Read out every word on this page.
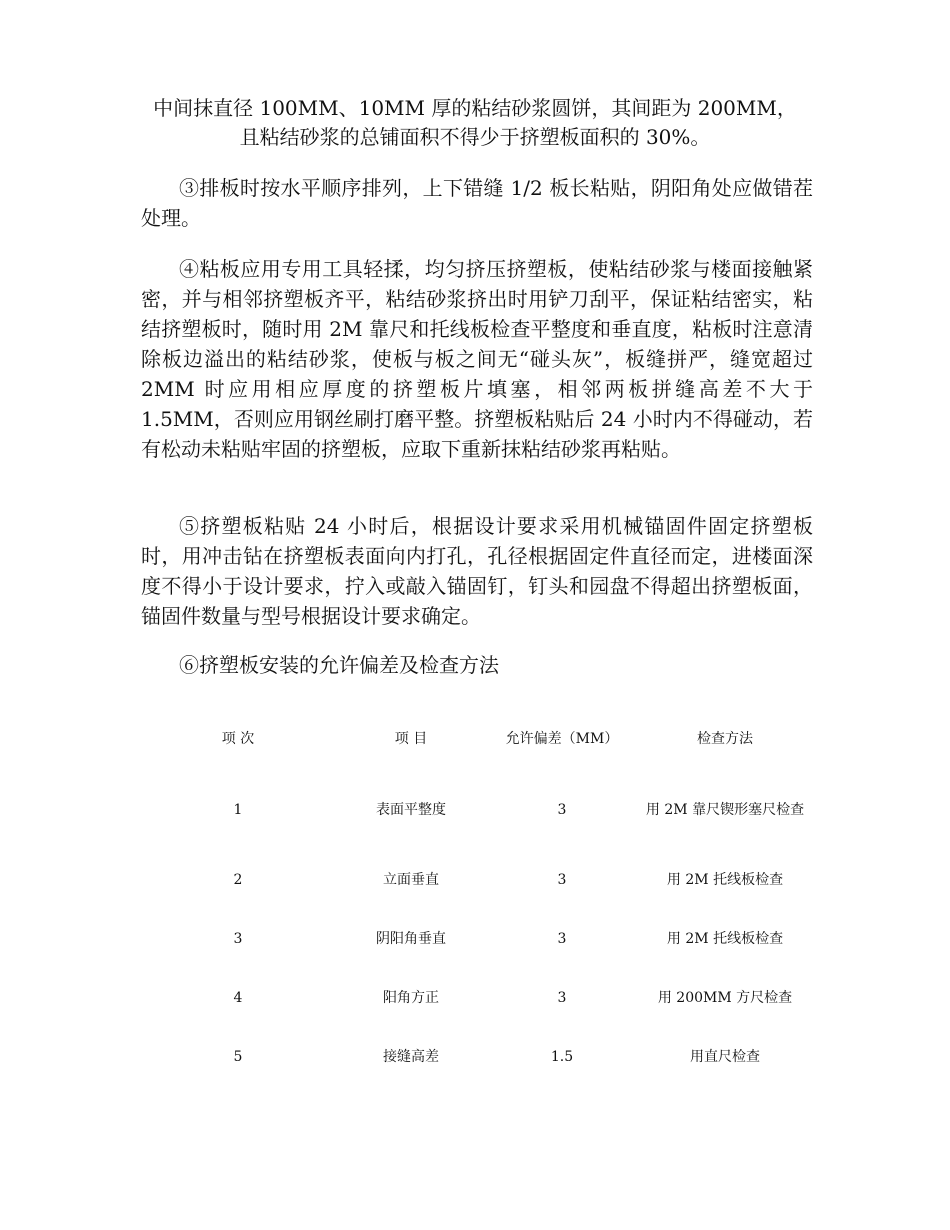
中间抹直径 100MM、10MM 厚的粘结砂浆圆饼，其间距为 200MM，
且粘结砂浆的总铺面积不得少于挤塑板面积的 30%。

③排板时按水平顺序排列，上下错缝 1/2 板长粘贴，阴阳角处应做错茬处理。

④粘板应用专用工具轻揉，均匀挤压挤塑板，使粘结砂浆与楼面接触紧密，并与相邻挤塑板齐平，粘结砂浆挤出时用铲刀刮平，保证粘结密实，粘结挤塑板时，随时用 2M 靠尺和托线板检查平整度和垂直度，粘板时注意清除板边溢出的粘结砂浆，使板与板之间无“碰头灰”，板缝拼严，缝宽超过 2MM 时应用相应厚度的挤塑板片填塞，相邻两板拼缝高差不大于 1.5MM，否则应用钢丝刷打磨平整。挤塑板粘贴后 24 小时内不得碰动，若有松动未粘贴牢固的挤塑板，应取下重新抹粘结砂浆再粘贴。

⑤挤塑板粘贴 24 小时后，根据设计要求采用机械锚固件固定挤塑板时，用冲击钻在挤塑板表面向内打孔，孔径根据固定件直径而定，进楼面深度不得小于设计要求，拧入或敲入锚固钉，钉头和园盘不得超出挤塑板面，锚固件数量与型号根据设计要求确定。

⑥挤塑板安装的允许偏差及检查方法

项 次	项 目	允许偏差（MM）	检查方法
1	表面平整度	3	用 2M 靠尺锲形塞尺检查
2	立面垂直	3	用 2M 托线板检查
3	阴阳角垂直	3	用 2M 托线板检查
4	阳角方正	3	用 200MM 方尺检查
5	接缝高差	1.5	用直尺检查
